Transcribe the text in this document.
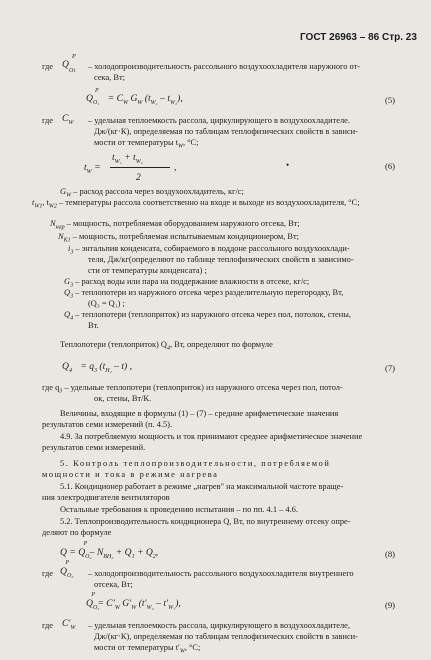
ГОСТ 26963 – 86 Стр. 23
где $Q_{O1}$
P
– холодопроизводительность рассольного воздухоохладителя наружного от-
сека, Вт;
$Q_{O_1}$
P
= $C_W$ $G_W$ $(t_{W_1} - t_{W_2})$,	(5)
где $C_W$ – удельная теплоемкость рассола, циркулирующего в воздухоохладителе.
Дж/(кг·К), определяемая по таблицам теплофизических свойств в зависи-
мости от температуры $t_W$, °С;
$t_W$ =
$t_{W_1} + t_{W_2}$
2
,	•	(6)
$G_W$ – расход рассола через воздухоохладитель, кг/с;
$t_{W1}$, $t_{W2}$ – температуры рассола соответственно на входе и выходе из воздухоохладителя, °С;
$N_{нар}$ – мощность, потребляемая оборудованием наружного отсека, Вт;
$N_{K1}$ – мощность, потребляемая испытываемым кондиционером, Вт;
$i_3$ – энтальпия конденсата, собираемого в поддоне рассольного воздухоохлади-
теля, Дж/кг(определяют по таблице теплофизических свойств в зависимо-
сти от температуры конденсата) ;
$G_3$ – расход воды или пара на поддержание влажности в отсеке, кг/с;
$Q_3$ – теплопотери из наружного отсека через разделительную перегородку, Вт,
(Q₃ = Q₁) ;
$Q_4$ – теплопотери (теплоприток) из наружного отсека через пол, потолок, стены,
Вт.
Теплопотери (теплоприток) $Q_4$, Вт, определяют по формуле
$Q_4 = q_3$ $(t_{Н_2} - t)$ ,	(7)
где $q_3$ – удельные теплопотери (теплоприток) из наружного отсека через пол, потол-
ок, стены, Вт/К.
Величины, входящие в формулы (1) – (7) – средние арифметические значения
результатов семи измерений (п. 4.5).
4.9. За потребляемую мощность и ток принимают среднее арифметическое значение
результатов семи измерений.
5. Контроль теплопроизводительности, потребляемой
мощности и тока в режиме нагрева
5.1. Кондиционер работает в режиме „нагрев" на максимальной частоте враще-
ния электродвигателя вентиляторов
Остальные требования к проведению испытания – по пп. 4.1 – 4.6.
5.2. Теплопроизводительность кондиционера Q, Вт, по внутреннему отсеку опре-
деляют по формуле
$Q = Q_{O_2}^P - N_{ВН_2} + Q_1 + Q_2$,	(8)
где $Q_{O_2}^P$
– холодопроизводительность рассольного воздухоохладителя внутреннего
отсека, Вт;
$Q_{O_2}^P = C'_W$ $G'_W$ $(t'_{W_2} - t'_{W_1})$,	(9)
где $C'_W$ – удельная теплоемкость рассола, циркулирующего в воздухоохладителе,
Дж/(кг·К), определяемая по таблицам теплофизических свойств в зависи-
мости от температуры $t'_W$, °С;
